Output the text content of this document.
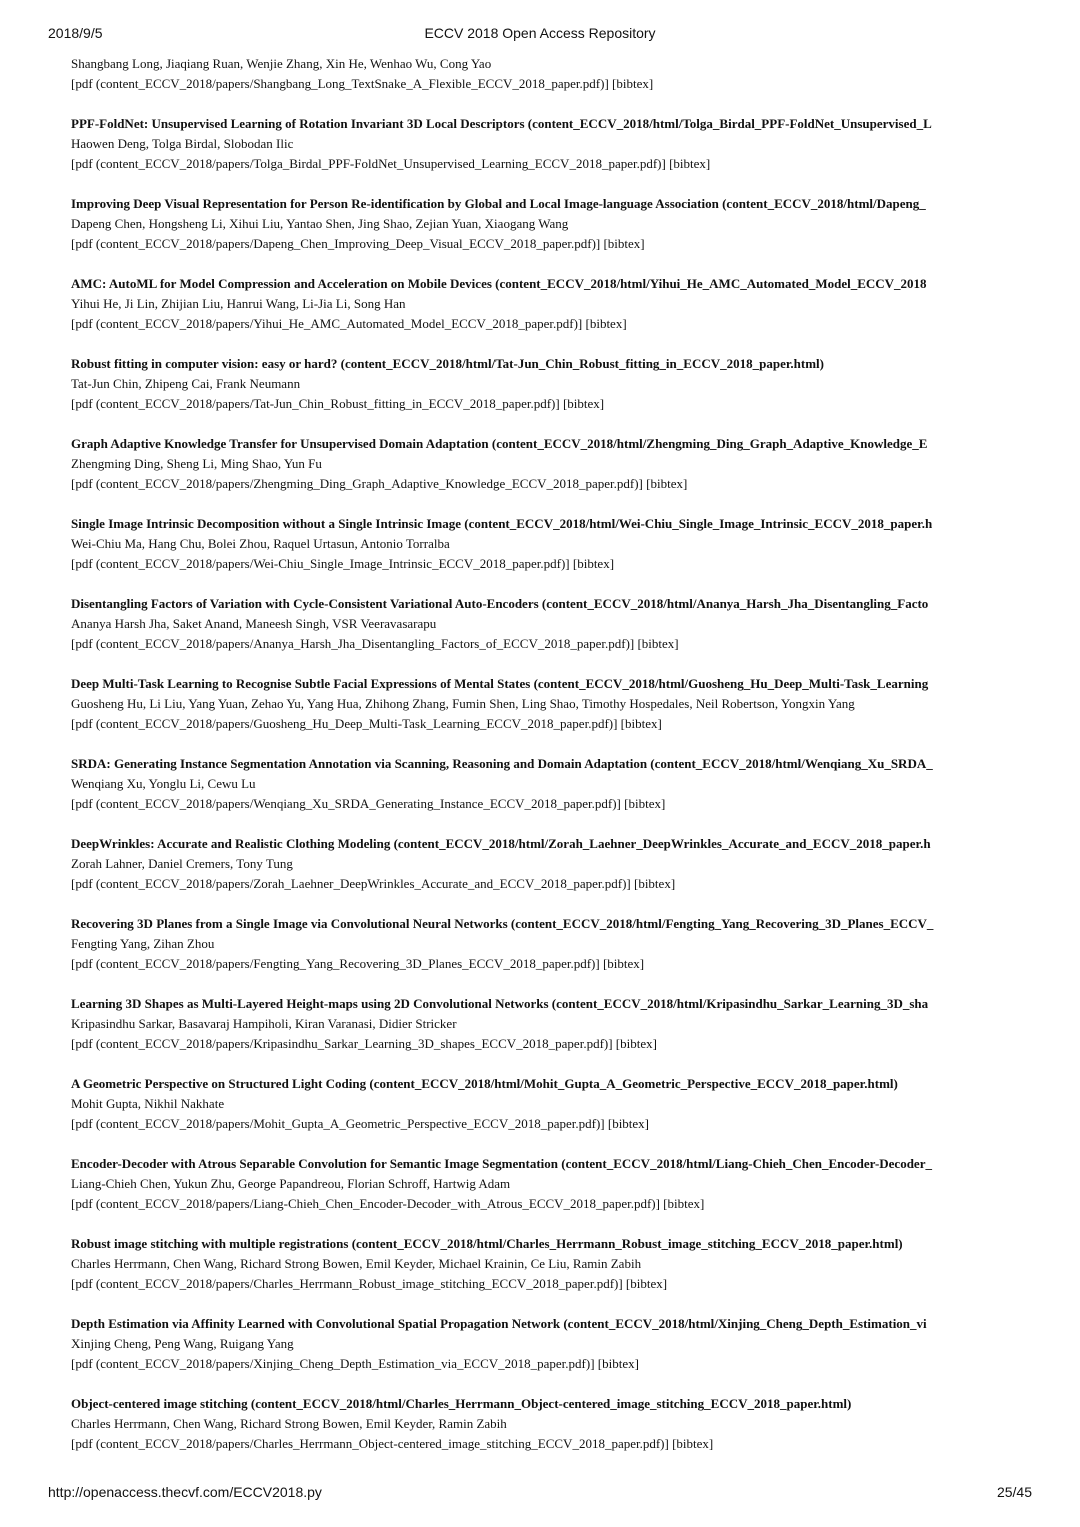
2018/9/5	ECCV 2018 Open Access Repository
Shangbang Long, Jiaqiang Ruan, Wenjie Zhang, Xin He, Wenhao Wu, Cong Yao
[pdf (content_ECCV_2018/papers/Shangbang_Long_TextSnake_A_Flexible_ECCV_2018_paper.pdf)] [bibtex]
PPF-FoldNet: Unsupervised Learning of Rotation Invariant 3D Local Descriptors (content_ECCV_2018/html/Tolga_Birdal_PPF-FoldNet_Unsupervised_L
Haowen Deng, Tolga Birdal, Slobodan Ilic
[pdf (content_ECCV_2018/papers/Tolga_Birdal_PPF-FoldNet_Unsupervised_Learning_ECCV_2018_paper.pdf)] [bibtex]
Improving Deep Visual Representation for Person Re-identification by Global and Local Image-language Association (content_ECCV_2018/html/Dapeng_
Dapeng Chen, Hongsheng Li, Xihui Liu, Yantao Shen, Jing Shao, Zejian Yuan, Xiaogang Wang
[pdf (content_ECCV_2018/papers/Dapeng_Chen_Improving_Deep_Visual_ECCV_2018_paper.pdf)] [bibtex]
AMC: AutoML for Model Compression and Acceleration on Mobile Devices (content_ECCV_2018/html/Yihui_He_AMC_Automated_Model_ECCV_2018
Yihui He, Ji Lin, Zhijian Liu, Hanrui Wang, Li-Jia Li, Song Han
[pdf (content_ECCV_2018/papers/Yihui_He_AMC_Automated_Model_ECCV_2018_paper.pdf)] [bibtex]
Robust fitting in computer vision: easy or hard? (content_ECCV_2018/html/Tat-Jun_Chin_Robust_fitting_in_ECCV_2018_paper.html)
Tat-Jun Chin, Zhipeng Cai, Frank Neumann
[pdf (content_ECCV_2018/papers/Tat-Jun_Chin_Robust_fitting_in_ECCV_2018_paper.pdf)] [bibtex]
Graph Adaptive Knowledge Transfer for Unsupervised Domain Adaptation (content_ECCV_2018/html/Zhengming_Ding_Graph_Adaptive_Knowledge_E
Zhengming Ding, Sheng Li, Ming Shao, Yun Fu
[pdf (content_ECCV_2018/papers/Zhengming_Ding_Graph_Adaptive_Knowledge_ECCV_2018_paper.pdf)] [bibtex]
Single Image Intrinsic Decomposition without a Single Intrinsic Image (content_ECCV_2018/html/Wei-Chiu_Single_Image_Intrinsic_ECCV_2018_paper.h
Wei-Chiu Ma, Hang Chu, Bolei Zhou, Raquel Urtasun, Antonio Torralba
[pdf (content_ECCV_2018/papers/Wei-Chiu_Single_Image_Intrinsic_ECCV_2018_paper.pdf)] [bibtex]
Disentangling Factors of Variation with Cycle-Consistent Variational Auto-Encoders (content_ECCV_2018/html/Ananya_Harsh_Jha_Disentangling_Facto
Ananya Harsh Jha, Saket Anand, Maneesh Singh, VSR Veeravasarapu
[pdf (content_ECCV_2018/papers/Ananya_Harsh_Jha_Disentangling_Factors_of_ECCV_2018_paper.pdf)] [bibtex]
Deep Multi-Task Learning to Recognise Subtle Facial Expressions of Mental States (content_ECCV_2018/html/Guosheng_Hu_Deep_Multi-Task_Learning
Guosheng Hu, Li Liu, Yang Yuan, Zehao Yu, Yang Hua, Zhihong Zhang, Fumin Shen, Ling Shao, Timothy Hospedales, Neil Robertson, Yongxin Yang
[pdf (content_ECCV_2018/papers/Guosheng_Hu_Deep_Multi-Task_Learning_ECCV_2018_paper.pdf)] [bibtex]
SRDA: Generating Instance Segmentation Annotation via Scanning, Reasoning and Domain Adaptation (content_ECCV_2018/html/Wenqiang_Xu_SRDA_
Wenqiang Xu, Yonglu Li, Cewu Lu
[pdf (content_ECCV_2018/papers/Wenqiang_Xu_SRDA_Generating_Instance_ECCV_2018_paper.pdf)] [bibtex]
DeepWrinkles: Accurate and Realistic Clothing Modeling (content_ECCV_2018/html/Zorah_Laehner_DeepWrinkles_Accurate_and_ECCV_2018_paper.h
Zorah Lahner, Daniel Cremers, Tony Tung
[pdf (content_ECCV_2018/papers/Zorah_Laehner_DeepWrinkles_Accurate_and_ECCV_2018_paper.pdf)] [bibtex]
Recovering 3D Planes from a Single Image via Convolutional Neural Networks (content_ECCV_2018/html/Fengting_Yang_Recovering_3D_Planes_ECCV_
Fengting Yang, Zihan Zhou
[pdf (content_ECCV_2018/papers/Fengting_Yang_Recovering_3D_Planes_ECCV_2018_paper.pdf)] [bibtex]
Learning 3D Shapes as Multi-Layered Height-maps using 2D Convolutional Networks (content_ECCV_2018/html/Kripasindhu_Sarkar_Learning_3D_sha
Kripasindhu Sarkar, Basavaraj Hampiholi, Kiran Varanasi, Didier Stricker
[pdf (content_ECCV_2018/papers/Kripasindhu_Sarkar_Learning_3D_shapes_ECCV_2018_paper.pdf)] [bibtex]
A Geometric Perspective on Structured Light Coding (content_ECCV_2018/html/Mohit_Gupta_A_Geometric_Perspective_ECCV_2018_paper.html)
Mohit Gupta, Nikhil Nakhate
[pdf (content_ECCV_2018/papers/Mohit_Gupta_A_Geometric_Perspective_ECCV_2018_paper.pdf)] [bibtex]
Encoder-Decoder with Atrous Separable Convolution for Semantic Image Segmentation (content_ECCV_2018/html/Liang-Chieh_Chen_Encoder-Decoder_
Liang-Chieh Chen, Yukun Zhu, George Papandreou, Florian Schroff, Hartwig Adam
[pdf (content_ECCV_2018/papers/Liang-Chieh_Chen_Encoder-Decoder_with_Atrous_ECCV_2018_paper.pdf)] [bibtex]
Robust image stitching with multiple registrations (content_ECCV_2018/html/Charles_Herrmann_Robust_image_stitching_ECCV_2018_paper.html)
Charles Herrmann, Chen Wang, Richard Strong Bowen, Emil Keyder, Michael Krainin, Ce Liu, Ramin Zabih
[pdf (content_ECCV_2018/papers/Charles_Herrmann_Robust_image_stitching_ECCV_2018_paper.pdf)] [bibtex]
Depth Estimation via Affinity Learned with Convolutional Spatial Propagation Network (content_ECCV_2018/html/Xinjing_Cheng_Depth_Estimation_vi
Xinjing Cheng, Peng Wang, Ruigang Yang
[pdf (content_ECCV_2018/papers/Xinjing_Cheng_Depth_Estimation_via_ECCV_2018_paper.pdf)] [bibtex]
Object-centered image stitching (content_ECCV_2018/html/Charles_Herrmann_Object-centered_image_stitching_ECCV_2018_paper.html)
Charles Herrmann, Chen Wang, Richard Strong Bowen, Emil Keyder, Ramin Zabih
[pdf (content_ECCV_2018/papers/Charles_Herrmann_Object-centered_image_stitching_ECCV_2018_paper.pdf)] [bibtex]
http://openaccess.thecvf.com/ECCV2018.py	25/45
